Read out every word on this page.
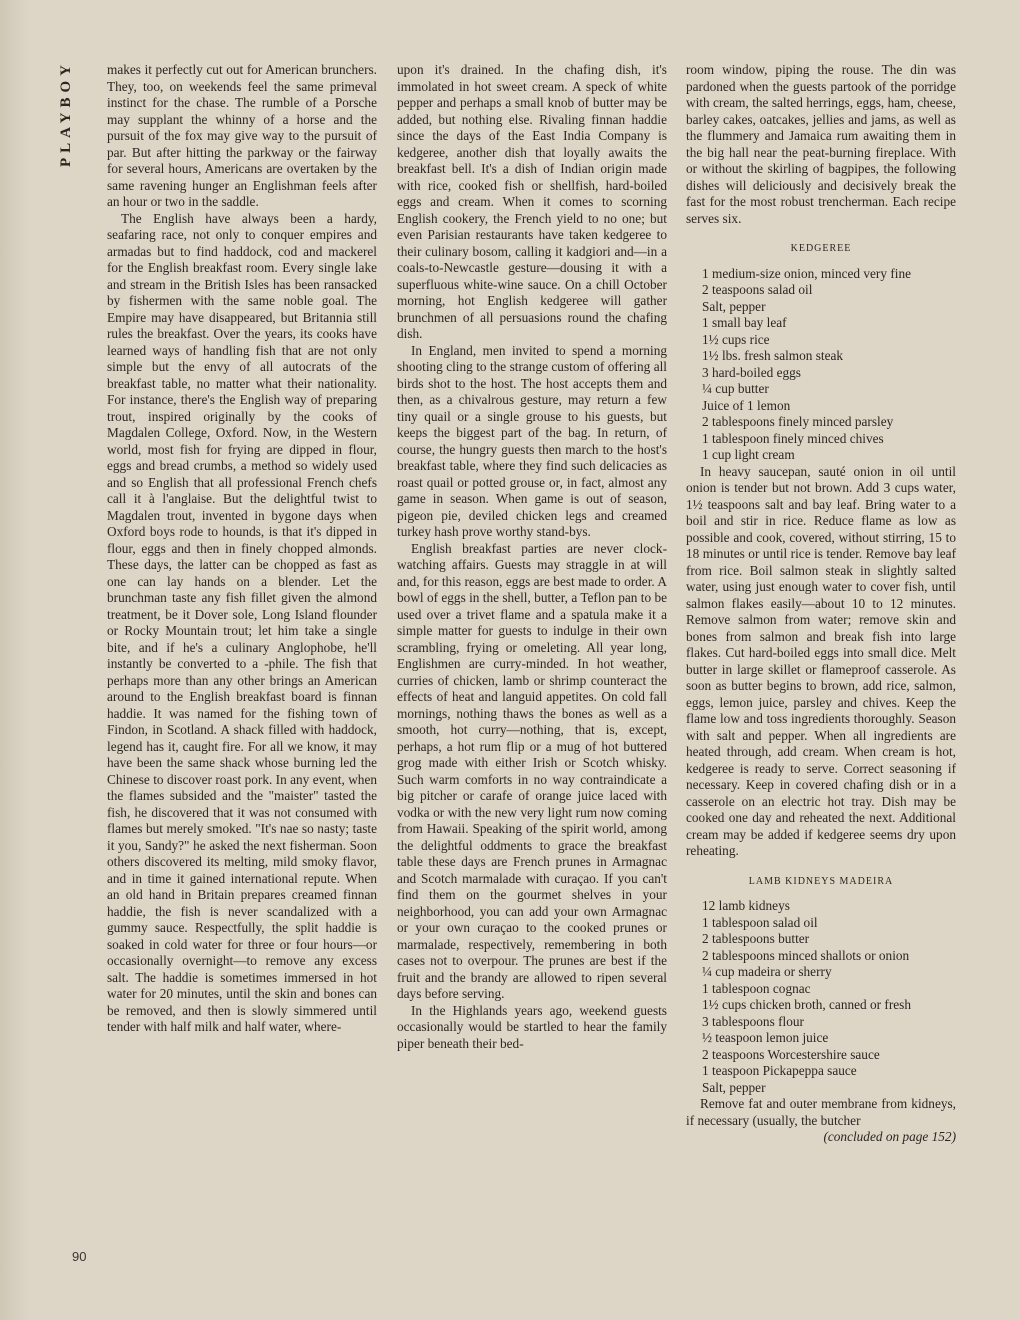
PLAYBOY	makes it perfectly cut out for American brunchers. They, too, on weekends feel the same primeval instinct for the chase. The rumble of a Porsche may supplant the whinny of a horse and the pursuit of the fox may give way to the pursuit of par. But after hitting the parkway or the fairway for several hours, Americans are overtaken by the same ravening hunger an Englishman feels after an hour or two in the saddle.

The English have always been a hardy, seafaring race, not only to conquer empires and armadas but to find haddock, cod and mackerel for the English breakfast room. Every single lake and stream in the British Isles has been ransacked by fishermen with the same noble goal. The Empire may have disappeared, but Britannia still rules the breakfast. Over the years, its cooks have learned ways of handling fish that are not only simple but the envy of all autocrats of the breakfast table, no matter what their nationality. For instance, there's the English way of preparing trout, inspired originally by the cooks of Magdalen College, Oxford. Now, in the Western world, most fish for frying are dipped in flour, eggs and bread crumbs, a method so widely used and so English that all professional French chefs call it à l'anglaise. But the delightful twist to Magdalen trout, invented in bygone days when Oxford boys rode to hounds, is that it's dipped in flour, eggs and then in finely chopped almonds. These days, the latter can be chopped as fast as one can lay hands on a blender. Let the brunchman taste any fish fillet given the almond treatment, be it Dover sole, Long Island flounder or Rocky Mountain trout; let him take a single bite, and if he's a culinary Anglophobe, he'll instantly be converted to a -phile. The fish that perhaps more than any other brings an American around to the English breakfast board is finnan haddie. It was named for the fishing town of Findon, in Scotland. A shack filled with haddock, legend has it, caught fire. For all we know, it may have been the same shack whose burning led the Chinese to discover roast pork. In any event, when the flames subsided and the "maister" tasted the fish, he discovered that it was not consumed with flames but merely smoked. "It's nae so nasty; taste it you, Sandy?" he asked the next fisherman. Soon others discovered its melting, mild smoky flavor, and in time it gained international repute. When an old hand in Britain prepares creamed finnan haddie, the fish is never scandalized with a gummy sauce. Respectfully, the split haddie is soaked in cold water for three or four hours—or occasionally overnight—to remove any excess salt. The haddie is sometimes immersed in hot water for 20 minutes, until the skin and bones can be removed, and then is slowly simmered until tender with half milk and half water, where-

upon it's drained. In the chafing dish, it's immolated in hot sweet cream. A speck of white pepper and perhaps a small knob of butter may be added, but nothing else. Rivaling finnan haddie since the days of the East India Company is kedgeree, another dish that loyally awaits the breakfast bell. It's a dish of Indian origin made with rice, cooked fish or shellfish, hard-boiled eggs and cream. When it comes to scorning English cookery, the French yield to no one; but even Parisian restaurants have taken kedgeree to their culinary bosom, calling it kadgiori and—in a coals-to-Newcastle gesture—dousing it with a superfluous white-wine sauce. On a chill October morning, hot English kedgeree will gather brunchmen of all persuasions round the chafing dish.

In England, men invited to spend a morning shooting cling to the strange custom of offering all birds shot to the host. The host accepts them and then, as a chivalrous gesture, may return a few tiny quail or a single grouse to his guests, but keeps the biggest part of the bag. In return, of course, the hungry guests then march to the host's breakfast table, where they find such delicacies as roast quail or potted grouse or, in fact, almost any game in season. When game is out of season, pigeon pie, deviled chicken legs and creamed turkey hash prove worthy stand-bys.

English breakfast parties are never clock-watching affairs. Guests may straggle in at will and, for this reason, eggs are best made to order. A bowl of eggs in the shell, butter, a Teflon pan to be used over a trivet flame and a spatula make it a simple matter for guests to indulge in their own scrambling, frying or omeleting. All year long, Englishmen are curry-minded. In hot weather, curries of chicken, lamb or shrimp counteract the effects of heat and languid appetites. On cold fall mornings, nothing thaws the bones as well as a smooth, hot curry—nothing, that is, except, perhaps, a hot rum flip or a mug of hot buttered grog made with either Irish or Scotch whisky. Such warm comforts in no way contraindicate a big pitcher or carafe of orange juice laced with vodka or with the new very light rum now coming from Hawaii. Speaking of the spirit world, among the delightful oddments to grace the breakfast table these days are French prunes in Armagnac and Scotch marmalade with curaçao. If you can't find them on the gourmet shelves in your neighborhood, you can add your own Armagnac or your own curaçao to the cooked prunes or marmalade, respectively, remembering in both cases not to overpour. The prunes are best if the fruit and the brandy are allowed to ripen several days before serving.

In the Highlands years ago, weekend guests occasionally would be startled to hear the family piper beneath their bed-

room window, piping the rouse. The din was pardoned when the guests partook of the porridge with cream, the salted herrings, eggs, ham, cheese, barley cakes, oatcakes, jellies and jams, as well as the flummery and Jamaica rum awaiting them in the big hall near the peat-burning fireplace. With or without the skirling of bagpipes, the following dishes will deliciously and decisively break the fast for the most robust trencherman. Each recipe serves six.

KEDGEREE
1 medium-size onion, minced very fine
2 teaspoons salad oil
Salt, pepper
1 small bay leaf
1½ cups rice
1½ lbs. fresh salmon steak
3 hard-boiled eggs
¼ cup butter
Juice of 1 lemon
2 tablespoons finely minced parsley
1 tablespoon finely minced chives
1 cup light cream

In heavy saucepan, sauté onion in oil until onion is tender but not brown. Add 3 cups water, 1½ teaspoons salt and bay leaf. Bring water to a boil and stir in rice. Reduce flame as low as possible and cook, covered, without stirring, 15 to 18 minutes or until rice is tender. Remove bay leaf from rice. Boil salmon steak in slightly salted water, using just enough water to cover fish, until salmon flakes easily—about 10 to 12 minutes. Remove salmon from water; remove skin and bones from salmon and break fish into large flakes. Cut hard-boiled eggs into small dice. Melt butter in large skillet or flameproof casserole. As soon as butter begins to brown, add rice, salmon, eggs, lemon juice, parsley and chives. Keep the flame low and toss ingredients thoroughly. Season with salt and pepper. When all ingredients are heated through, add cream. When cream is hot, kedgeree is ready to serve. Correct seasoning if necessary. Keep in covered chafing dish or in a casserole on an electric hot tray. Dish may be cooked one day and reheated the next. Additional cream may be added if kedgeree seems dry upon reheating.

LAMB KIDNEYS MADEIRA
12 lamb kidneys
1 tablespoon salad oil
2 tablespoons butter
2 tablespoons minced shallots or onion
¼ cup madeira or sherry
1 tablespoon cognac
1½ cups chicken broth, canned or fresh
3 tablespoons flour
½ teaspoon lemon juice
2 teaspoons Worcestershire sauce
1 teaspoon Pickapeppa sauce
Salt, pepper

Remove fat and outer membrane from kidneys, if necessary (usually, the butcher

(concluded on page 152)

90
